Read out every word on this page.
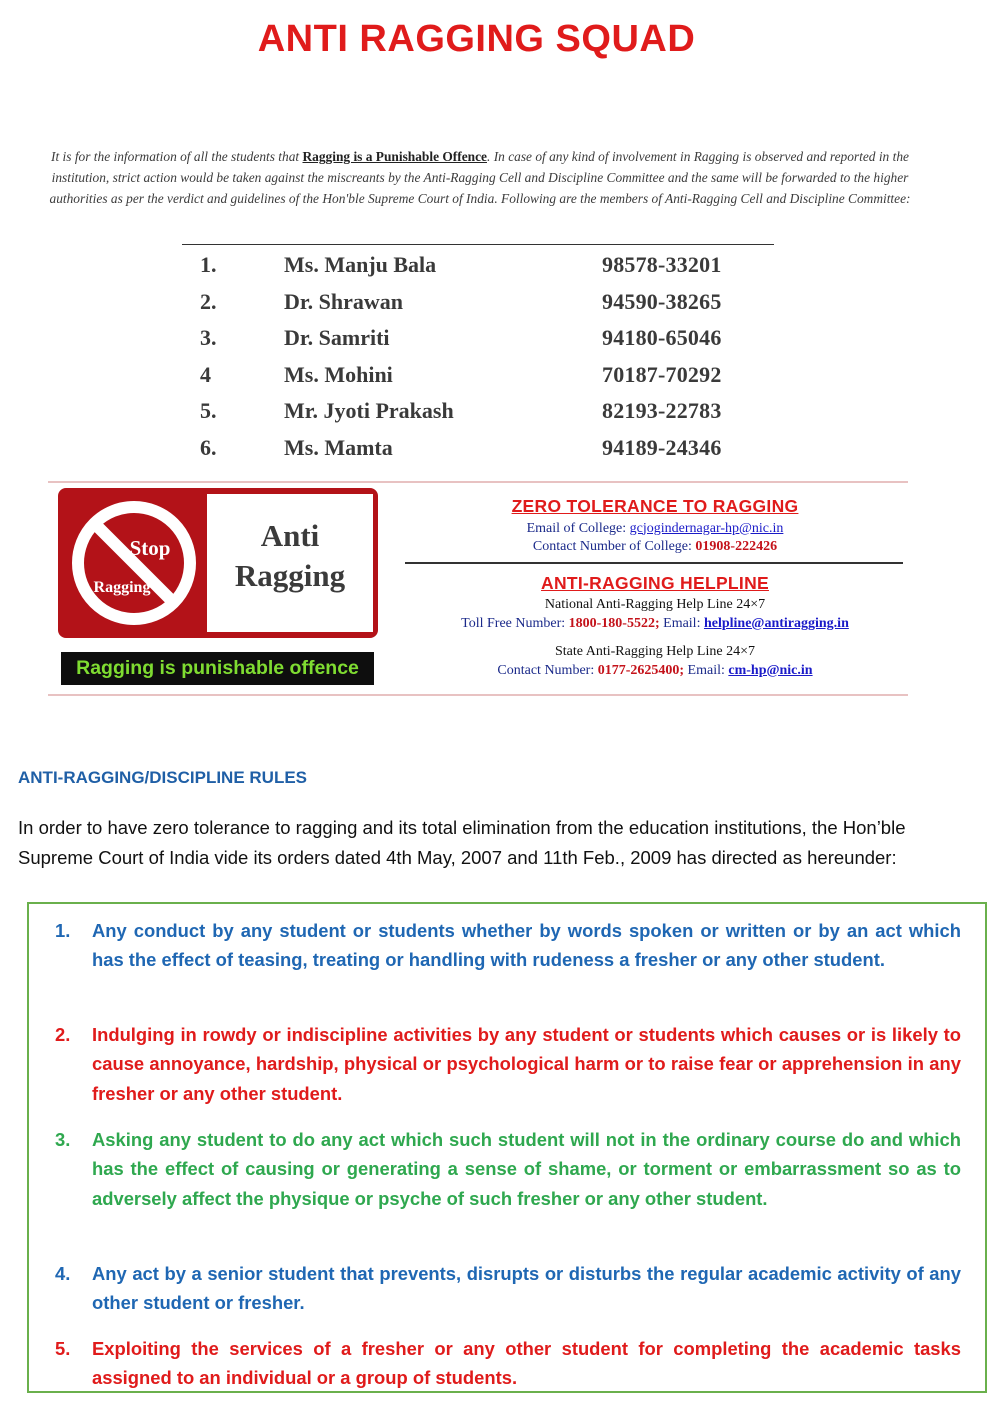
ANTI RAGGING SQUAD
It is for the information of all the students that Ragging is a Punishable Offence. In case of any kind of involvement in Ragging is observed and reported in the institution, strict action would be taken against the miscreants by the Anti-Ragging Cell and Discipline Committee and the same will be forwarded to the higher authorities as per the verdict and guidelines of the Hon'ble Supreme Court of India. Following are the members of Anti-Ragging Cell and Discipline Committee:
1.	Ms. Manju Bala	98578-33201
2.	Dr. Shrawan	94590-38265
3.	Dr. Samriti	94180-65046
4	Ms. Mohini	70187-70292
5.	Mr. Jyoti Prakash	82193-22783
6.	Ms. Mamta	94189-24346
Stop
Ragging
Anti
Ragging
Ragging is punishable offence
ZERO TOLERANCE TO RAGGING
Email of College: gcjogindernagar-hp@nic.in
Contact Number of College: 01908-222426
ANTI-RAGGING HELPLINE
National Anti-Ragging Help Line 24×7
Toll Free Number: 1800-180-5522; Email: helpline@antiragging.in
State Anti-Ragging Help Line 24×7
Contact Number: 0177-2625400; Email: cm-hp@nic.in
ANTI-RAGGING/DISCIPLINE RULES
In order to have zero tolerance to ragging and its total elimination from the education institutions, the Hon’ble Supreme Court of India vide its orders dated 4th May, 2007 and 11th Feb., 2009 has directed as hereunder:
1. Any conduct by any student or students whether by words spoken or written or by an act which has the effect of teasing, treating or handling with rudeness a fresher or any other student.
2. Indulging in rowdy or indiscipline activities by any student or students which causes or is likely to cause annoyance, hardship, physical or psychological harm or to raise fear or apprehension in any fresher or any other student.
3. Asking any student to do any act which such student will not in the ordinary course do and which has the effect of causing or generating a sense of shame, or torment or embarrassment so as to adversely affect the physique or psyche of such fresher or any other student.
4. Any act by a senior student that prevents, disrupts or disturbs the regular academic activity of any other student or fresher.
5. Exploiting the services of a fresher or any other student for completing the academic tasks assigned to an individual or a group of students.
